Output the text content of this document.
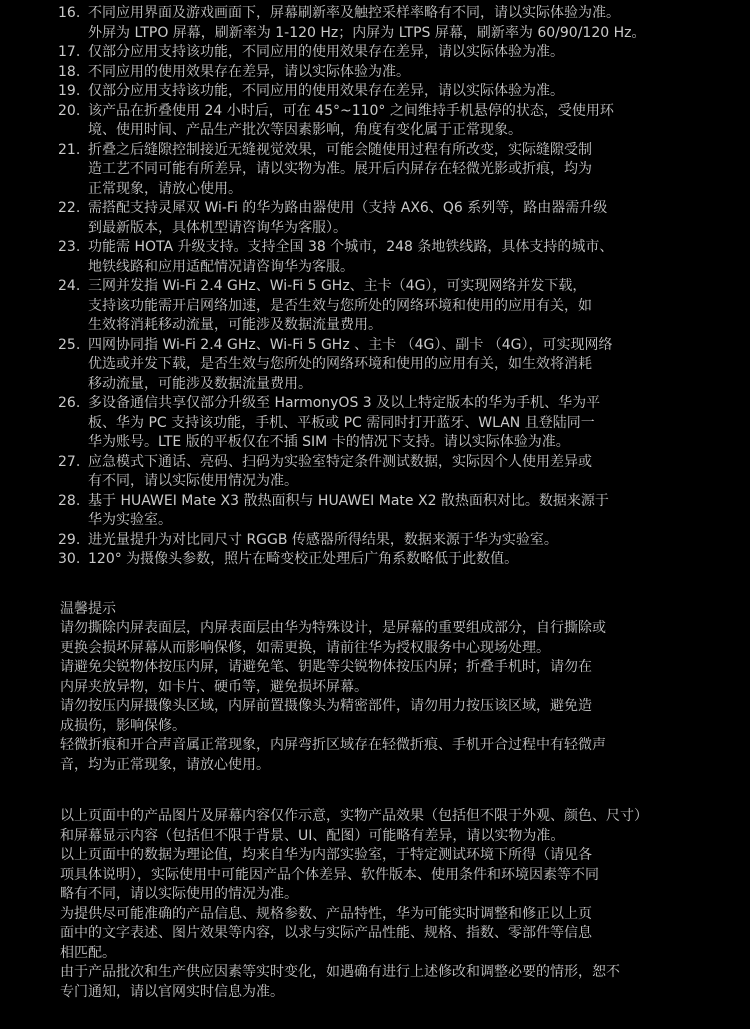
16. 不同应用界面及游戏画面下，屏幕刷新率及触控采样率略有不同，请以实际体验为准。
外屏为 LTPO 屏幕，刷新率为 1-120 Hz；内屏为 LTPS 屏幕，刷新率为 60/90/120 Hz。
17. 仅部分应用支持该功能，不同应用的使用效果存在差异，请以实际体验为准。
18. 不同应用的使用效果存在差异，请以实际体验为准。
19. 仅部分应用支持该功能，不同应用的使用效果存在差异，请以实际体验为准。
20. 该产品在折叠使用 24 小时后，可在 45°~110° 之间维持手机悬停的状态，受使用环
境、使用时间、产品生产批次等因素影响，角度有变化属于正常现象。
21. 折叠之后缝隙控制接近无缝视觉效果，可能会随使用过程有所改变，实际缝隙受制
造工艺不同可能有所差异，请以实物为准。展开后内屏存在轻微光影或折痕，均为
正常现象，请放心使用。
22. 需搭配支持灵犀双 Wi-Fi 的华为路由器使用（支持 AX6、Q6 系列等，路由器需升级
到最新版本，具体机型请咨询华为客服）。
23. 功能需 HOTA 升级支持。支持全国 38 个城市，248 条地铁线路，具体支持的城市、
地铁线路和应用适配情况请咨询华为客服。
24. 三网并发指 Wi-Fi 2.4 GHz、Wi-Fi 5 GHz、主卡（4G），可实现网络并发下载，
支持该功能需开启网络加速，是否生效与您所处的网络环境和使用的应用有关，如
生效将消耗移动流量，可能涉及数据流量费用。
25. 四网协同指 Wi-Fi 2.4 GHz、Wi-Fi 5 GHz 、主卡 （4G）、副卡 （4G），可实现网络
优选或并发下载，是否生效与您所处的网络环境和使用的应用有关，如生效将消耗
移动流量，可能涉及数据流量费用。
26. 多设备通信共享仅部分升级至 HarmonyOS 3 及以上特定版本的华为手机、华为平
板、华为 PC 支持该功能，手机、平板或 PC 需同时打开蓝牙、WLAN 且登陆同一
华为账号。LTE 版的平板仅在不插 SIM 卡的情况下支持。请以实际体验为准。
27. 应急模式下通话、亮码、扫码为实验室特定条件测试数据，实际因个人使用差异或
有不同，请以实际使用情况为准。
28. 基于 HUAWEI Mate X3 散热面积与 HUAWEI Mate X2 散热面积对比。数据来源于
华为实验室。
29. 进光量提升为对比同尺寸 RGGB 传感器所得结果，数据来源于华为实验室。
30. 120° 为摄像头参数，照片在畸变校正处理后广角系数略低于此数值。
温馨提示
请勿撕除内屏表面层，内屏表面层由华为特殊设计，是屏幕的重要组成部分，自行撕除或
更换会损坏屏幕从而影响保修，如需更换，请前往华为授权服务中心现场处理。
请避免尖锐物体按压内屏，请避免笔、钥匙等尖锐物体按压内屏；折叠手机时，请勿在
内屏夹放异物，如卡片、硬币等，避免损坏屏幕。
请勿按压内屏摄像头区域，内屏前置摄像头为精密部件，请勿用力按压该区域，避免造
成损伤，影响保修。
轻微折痕和开合声音属正常现象，内屏弯折区域存在轻微折痕、手机开合过程中有轻微声
音，均为正常现象，请放心使用。
以上页面中的产品图片及屏幕内容仅作示意，实物产品效果（包括但不限于外观、颜色、尺寸）
和屏幕显示内容（包括但不限于背景、UI、配图）可能略有差异，请以实物为准。
以上页面中的数据为理论值，均来自华为内部实验室，于特定测试环境下所得（请见各
项具体说明），实际使用中可能因产品个体差异、软件版本、使用条件和环境因素等不同
略有不同，请以实际使用的情况为准。
为提供尽可能准确的产品信息、规格参数、产品特性，华为可能实时调整和修正以上页
面中的文字表述、图片效果等内容，以求与实际产品性能、规格、指数、零部件等信息
相匹配。
由于产品批次和生产供应因素等实时变化，如遇确有进行上述修改和调整必要的情形，恕不
专门通知，请以官网实时信息为准。
